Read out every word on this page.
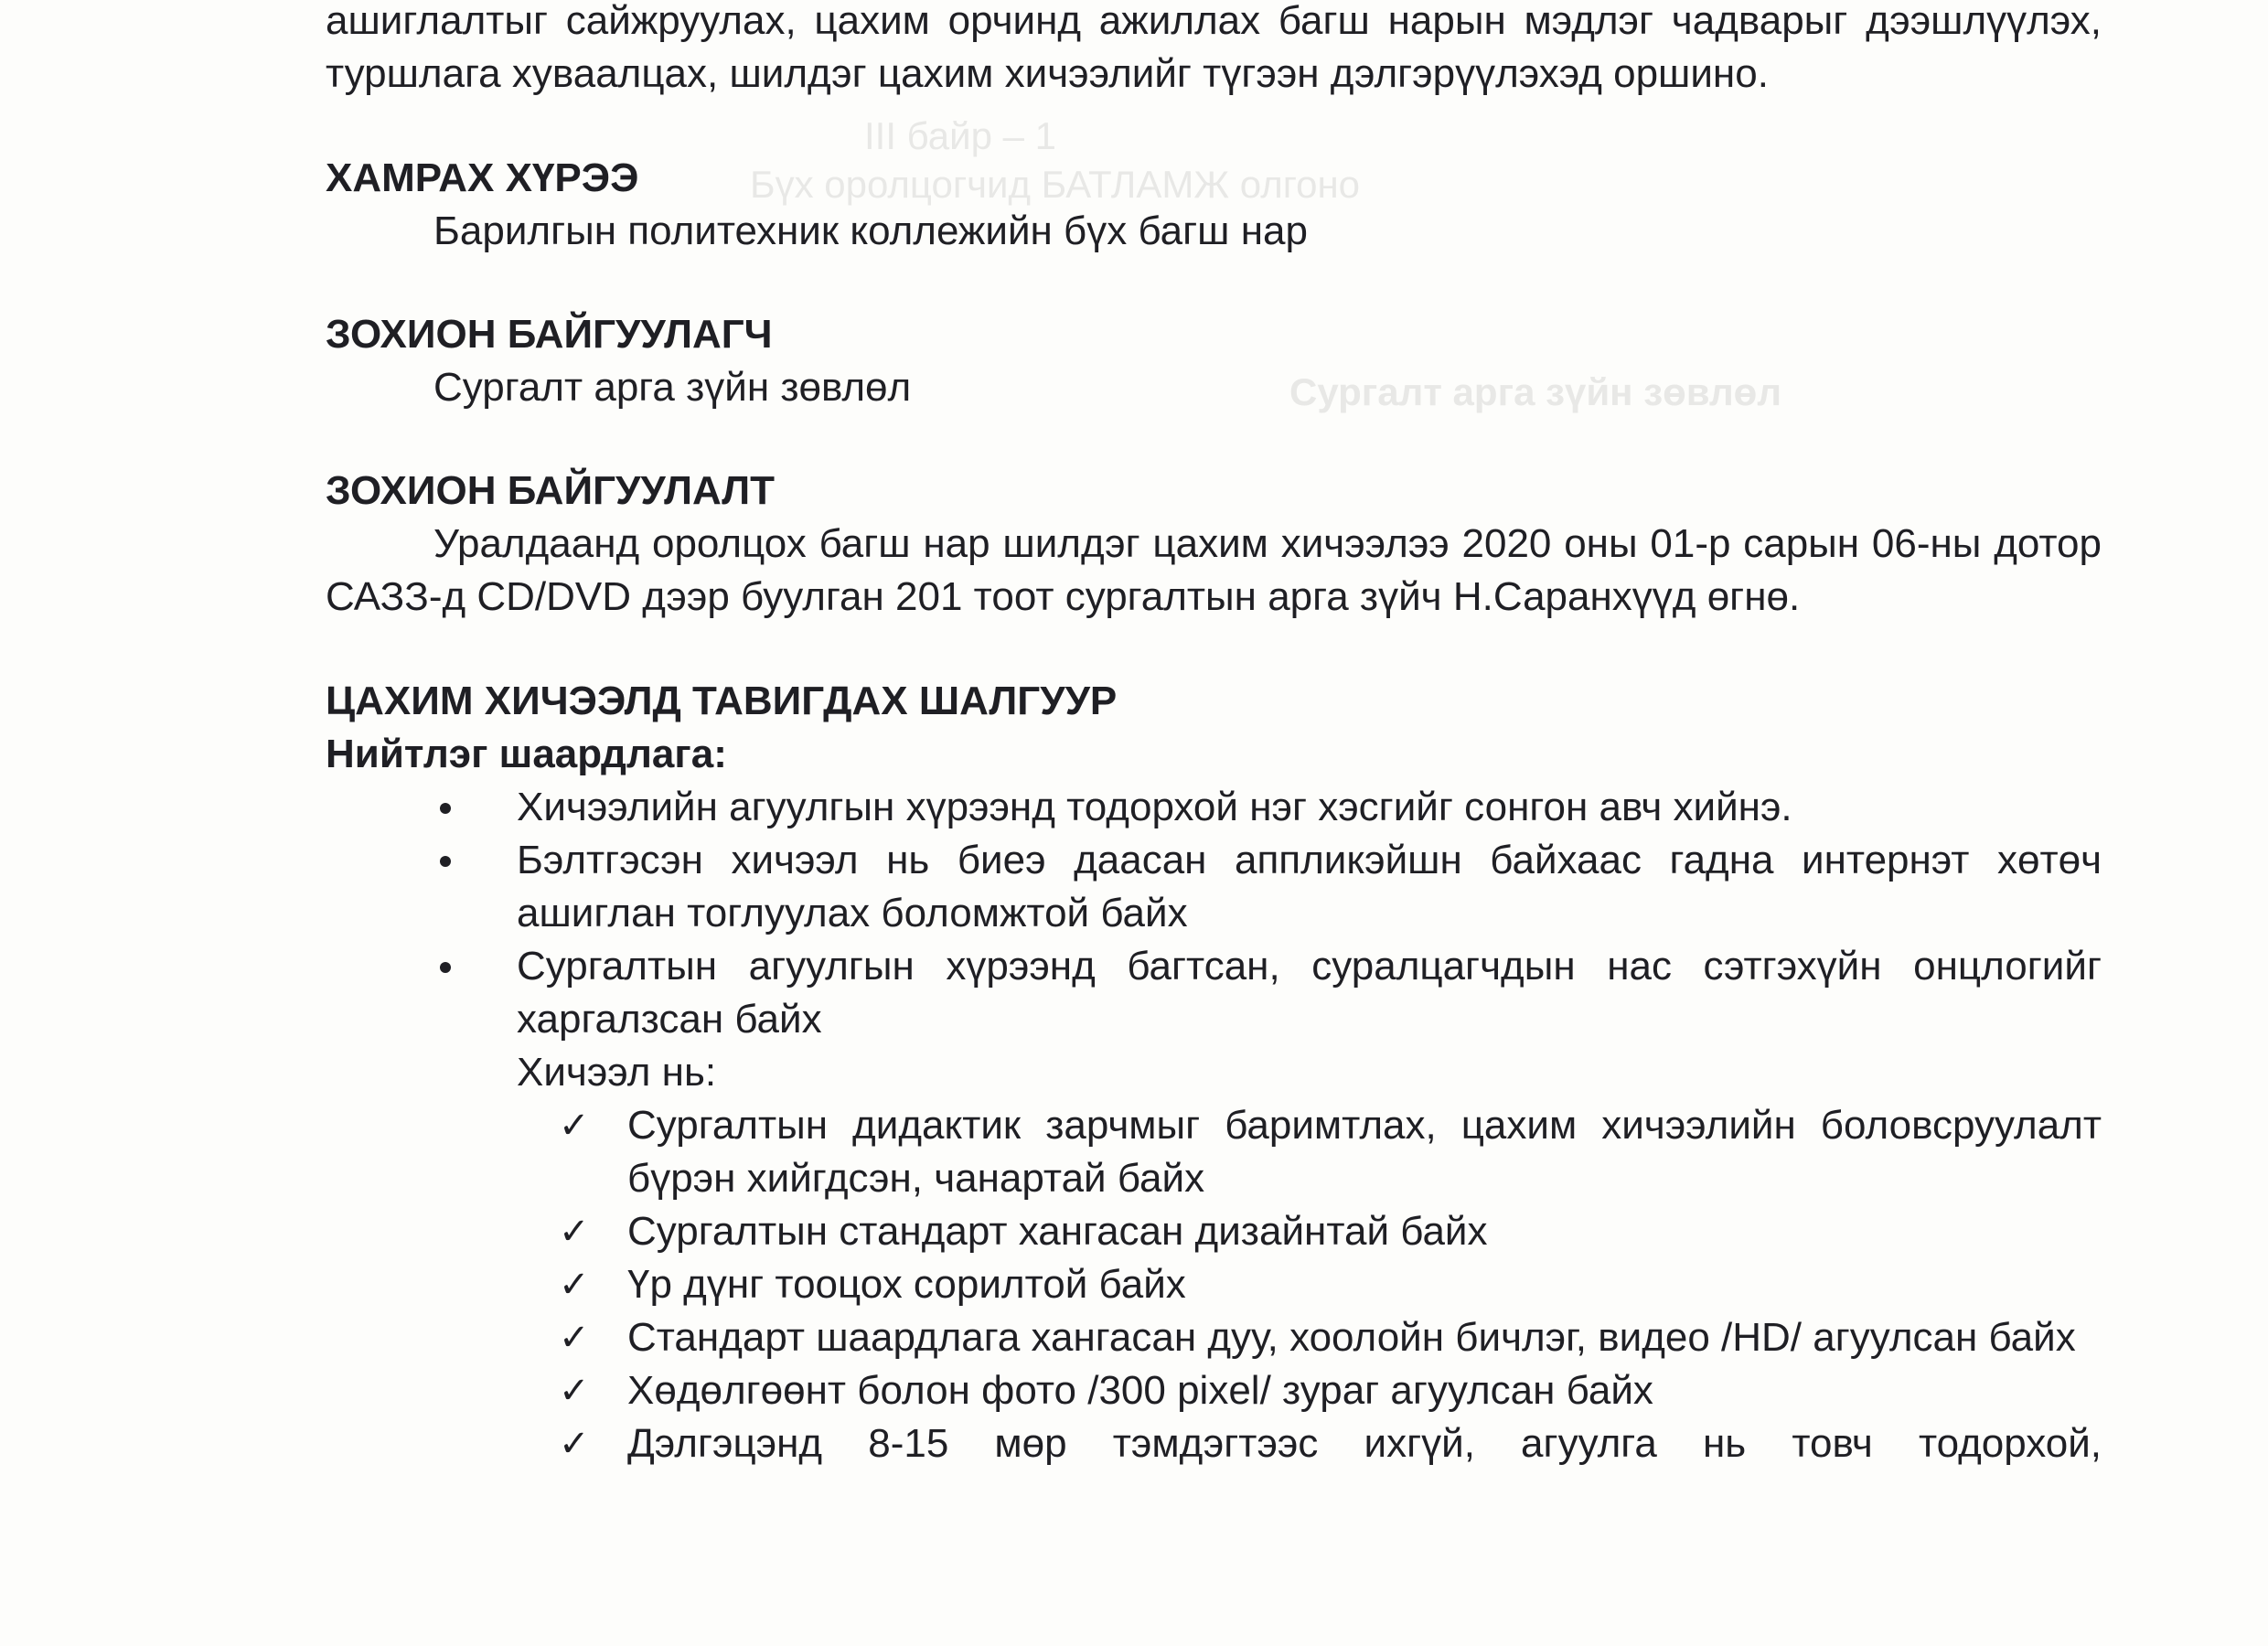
III байр – 1
Бүх оролцогчид БАТЛАМЖ олгоно
Сургалт арга зүйн зөвлөл

ашиглалтыг сайжруулах, цахим орчинд ажиллах багш нарын мэдлэг чадварыг дээшлүүлэх, туршлага хуваалцах, шилдэг цахим хичээлийг түгээн дэлгэрүүлэхэд оршино.

ХАМРАХ ХҮРЭЭ

Барилгын политехник коллежийн бүх багш нар

ЗОХИОН БАЙГУУЛАГЧ

Сургалт арга зүйн зөвлөл

ЗОХИОН БАЙГУУЛАЛТ

Уралдаанд оролцох багш нар шилдэг цахим хичээлээ 2020 оны 01-р сарын 06-ны дотор САЗЗ-д CD/DVD дээр буулган 201 тоот сургалтын арга зүйч Н.Саранхүүд өгнө.

ЦАХИМ ХИЧЭЭЛД ТАВИГДАХ ШАЛГУУР
Нийтлэг шаардлага:
Хичээлийн агуулгын хүрээнд тодорхой нэг хэсгийг сонгон авч хийнэ.
Бэлтгэсэн хичээл нь биеэ даасан аппликэйшн байхаас гадна интернэт хөтөч ашиглан тоглуулах боломжтой байх
Сургалтын агуулгын хүрээнд багтсан, суралцагчдын нас сэтгэхүйн онцлогийг харгалзсан байх

Хичээл нь:

✓ Сургалтын дидактик зарчмыг баримтлах, цахим хичээлийн боловсруулалт бүрэн хийгдсэн, чанартай байх
✓ Сургалтын стандарт хангасан дизайнтай байх
✓ Үр дүнг тооцох сорилтой байх
✓ Стандарт шаардлага хангасан дуу, хоолойн бичлэг, видео /HD/ агуулсан байх
✓ Хөдөлгөөнт болон фото /300 pixel/ зураг агуулсан байх
✓ Дэлгэцэнд 8-15 мөр тэмдэгтээс ихгүй, агуулга нь товч тодорхой,
